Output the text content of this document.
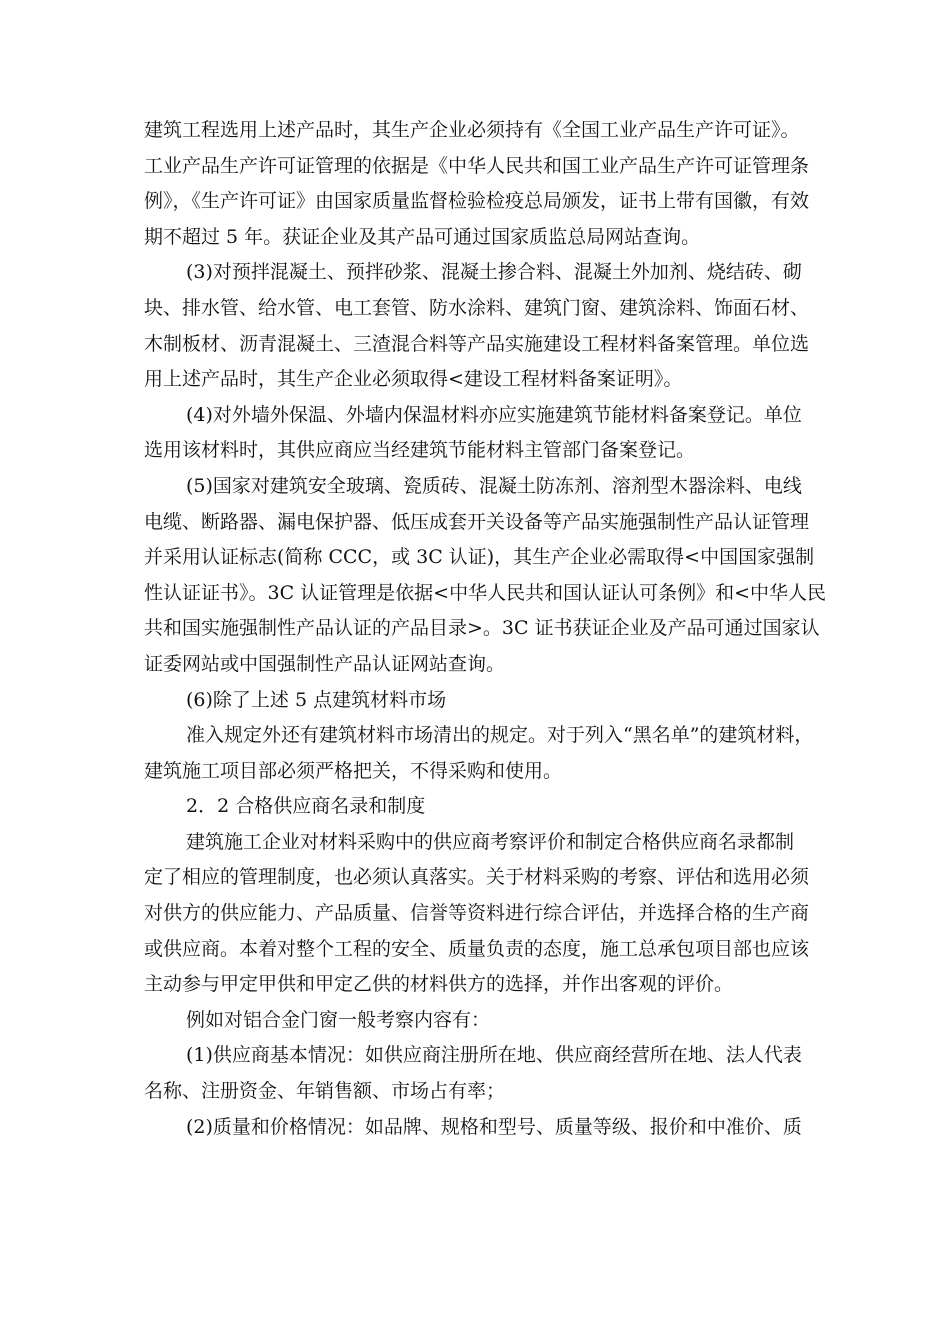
建筑工程选用上述产品时，其生产企业必须持有《全国工业产品生产许可证》。
工业产品生产许可证管理的依据是《中华人民共和国工业产品生产许可证管理条
例》，《生产许可证》由国家质量监督检验检疫总局颁发，证书上带有国徽，有效
期不超过 5 年。获证企业及其产品可通过国家质监总局网站查询。
(3)对预拌混凝土、预拌砂浆、混凝土掺合料、混凝土外加剂、烧结砖、砌
块、排水管、给水管、电工套管、防水涂料、建筑门窗、建筑涂料、饰面石材、
木制板材、沥青混凝土、三渣混合料等产品实施建设工程材料备案管理。单位选
用上述产品时，其生产企业必须取得<建设工程材料备案证明》。
(4)对外墙外保温、外墙内保温材料亦应实施建筑节能材料备案登记。单位
选用该材料时，其供应商应当经建筑节能材料主管部门备案登记。
(5)国家对建筑安全玻璃、瓷质砖、混凝土防冻剂、溶剂型木器涂料、电线
电缆、断路器、漏电保护器、低压成套开关设备等产品实施强制性产品认证管理
并采用认证标志(简称 CCC，或 3C 认证)，其生产企业必需取得<中国国家强制
性认证证书》。3C 认证管理是依据<中华人民共和国认证认可条例》和<中华人民
共和国实施强制性产品认证的产品目录>。3C 证书获证企业及产品可通过国家认
证委网站或中国强制性产品认证网站查询。
(6)除了上述 5 点建筑材料市场
准入规定外还有建筑材料市场清出的规定。对于列入“黑名单”的建筑材料，
建筑施工项目部必须严格把关，不得采购和使用。
2．2 合格供应商名录和制度
建筑施工企业对材料采购中的供应商考察评价和制定合格供应商名录都制
定了相应的管理制度，也必须认真落实。关于材料采购的考察、评估和选用必须
对供方的供应能力、产品质量、信誉等资料进行综合评估，并选择合格的生产商
或供应商。本着对整个工程的安全、质量负责的态度，施工总承包项目部也应该
主动参与甲定甲供和甲定乙供的材料供方的选择，并作出客观的评价。
例如对铝合金门窗一般考察内容有：
(1)供应商基本情况：如供应商注册所在地、供应商经营所在地、法人代表
名称、注册资金、年销售额、市场占有率；
(2)质量和价格情况：如品牌、规格和型号、质量等级、报价和中准价、质
